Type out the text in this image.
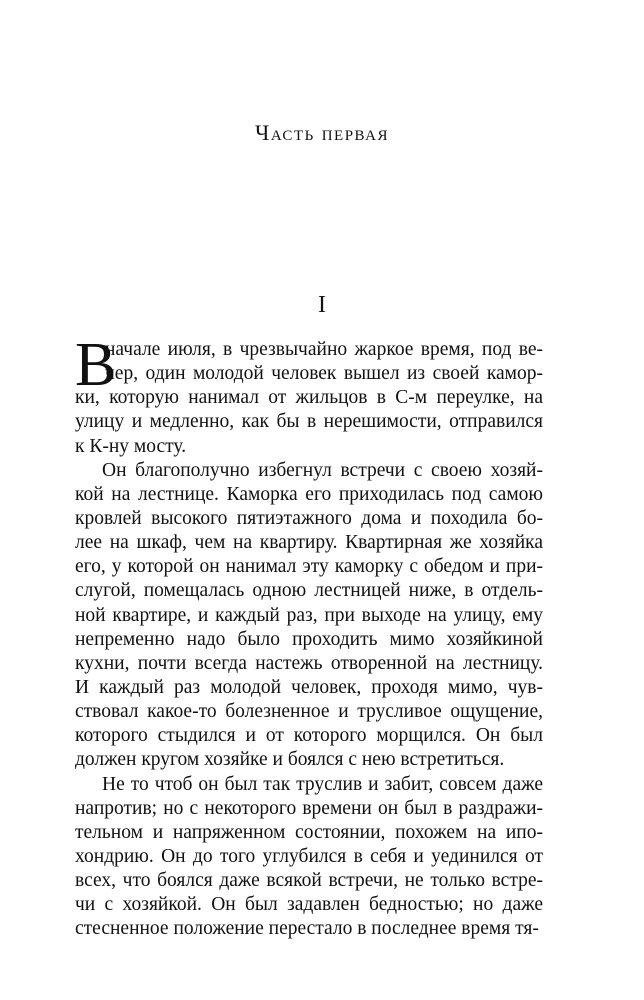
Часть первая
I
В
начале июля, в чрезвычайно жаркое время, под ве-
чер, один молодой человек вышел из своей камор-
ки, которую нанимал от жильцов в С-м переулке, на
улицу и медленно, как бы в нерешимости, отправился
к К-ну мосту.
Он благополучно избегнул встречи с своею хозяй-
кой на лестнице. Каморка его приходилась под самою
кровлей высокого пятиэтажного дома и походила бо-
лее на шкаф, чем на квартиру. Квартирная же хозяйка
его, у которой он нанимал эту каморку с обедом и при-
слугой, помещалась одною лестницей ниже, в отдель-
ной квартире, и каждый раз, при выходе на улицу, ему
непременно надо было проходить мимо хозяйкиной
кухни, почти всегда настежь отворенной на лестницу.
И каждый раз молодой человек, проходя мимо, чув-
ствовал какое-то болезненное и трусливое ощущение,
которого стыдился и от которого морщился. Он был
должен кругом хозяйке и боялся с нею встретиться.
Не то чтоб он был так труслив и забит, совсем даже
напротив; но с некоторого времени он был в раздражи-
тельном и напряженном состоянии, похожем на ипо-
хондрию. Он до того углубился в себя и уединился от
всех, что боялся даже всякой встречи, не только встре-
чи с хозяйкой. Он был задавлен бедностью; но даже
стесненное положение перестало в последнее время тя-
